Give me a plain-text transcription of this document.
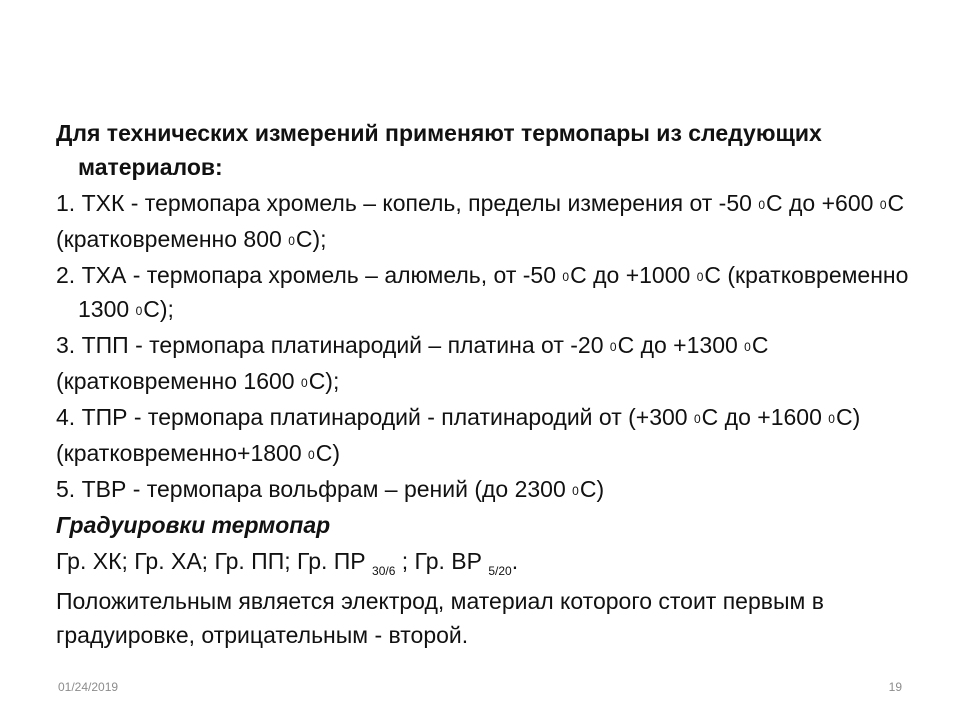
Для технических измерений применяют термопары из следующих материалов:

1. ТХК - термопара хромель – копель, пределы измерения от -50 $^0$С до +600 $^0$С

(кратковременно 800 $^0$С);

2. ТХА - термопара хромель – алюмель, от -50 $^0$С до +1000 $^0$С (кратковременно 1300 $^0$С);

3. ТПП - термопара платинародий – платина от -20 $^0$С до +1300 $^0$С

(кратковременно 1600 $^0$С);

4. ТПР - термопара платинародий - платинародий от (+300 $^0$С до +1600 $^0$С)

(кратковременно+1800 $^0$С)

5. ТВР - термопара вольфрам – рений (до 2300 $^0$С)

Градуировки термопар

Гр. ХК; Гр. ХА; Гр. ПП; Гр. ПР $_{30/6}$ ; Гр. ВР $_{5/20}$.

Положительным является электрод, материал которого стоит первым в градуировке, отрицательным - второй.

01/24/2019	19
